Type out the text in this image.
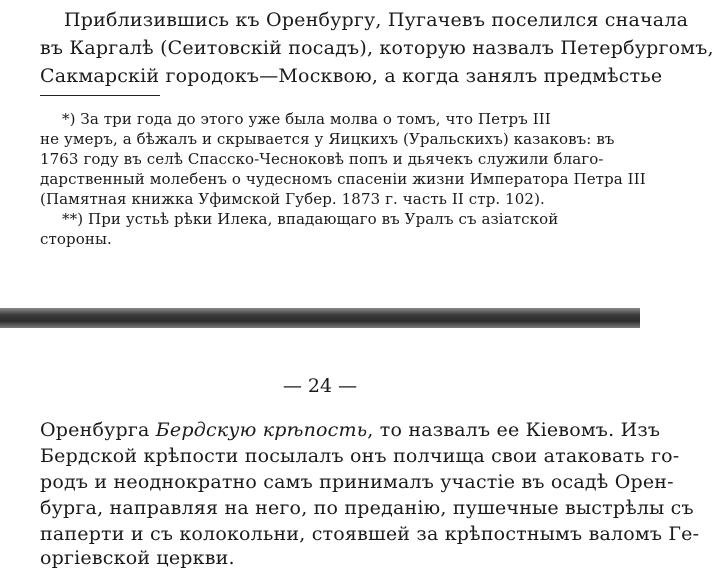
Приблизившись къ Оренбургу, Пугачевъ поселился сначала
въ Каргалѣ (Сеитовскій посадъ), которую назвалъ Петербургомъ,
Сакмарскій городокъ—Москвою, а когда занялъ предмѣстье
*) За три года до этого уже была молва о томъ, что Петръ III
не умеръ, а бѣжалъ и скрывается у Яицкихъ (Уральскихъ) казаковъ: въ
1763 году въ селѣ Спасско-Чесноковѣ попъ и дьячекъ служили благо-
дарственный молебенъ о чудесномъ спасеніи жизни Императора Петра III
(Памятная книжка Уфимской Губер. 1873 г. часть II стр. 102).
**) При устьѣ рѣки Илека, впадающаго въ Уралъ съ азіатской
стороны.
— 24 —
Оренбурга Бердскую крѣпость, то назвалъ ее Кіевомъ. Изъ
Бердской крѣпости посылалъ онъ полчища свои атаковать го-
родъ и неоднократно самъ принималъ участіе въ осадѣ Орен-
бурга, направляя на него, по преданію, пушечные выстрѣлы съ
паперти и съ колокольни, стоявшей за крѣпостнымъ валомъ Ге-
оргіевской церкви.
